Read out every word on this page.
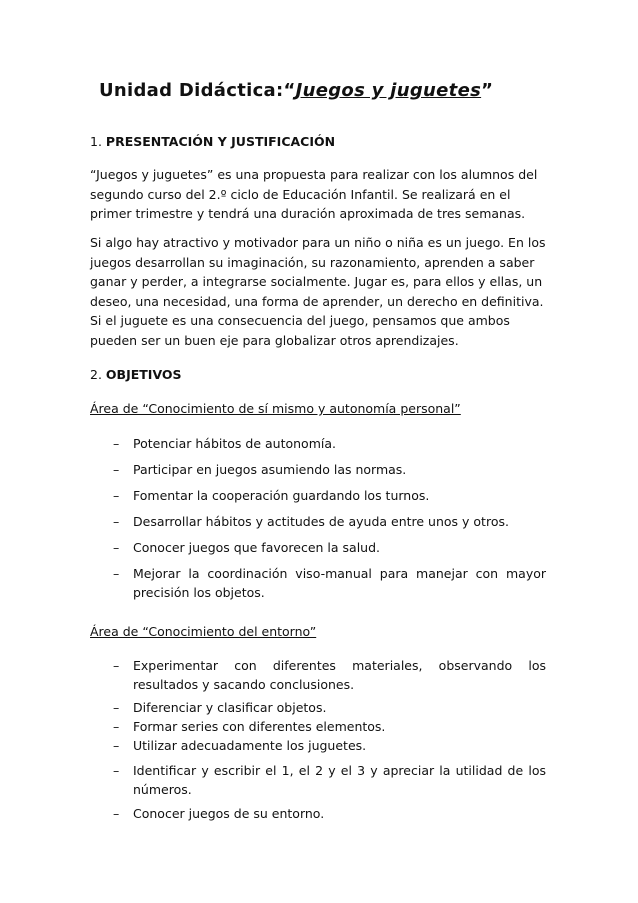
Unidad Didáctica:“Juegos y juguetes”
1. PRESENTACIÓN Y JUSTIFICACIÓN

“Juegos y juguetes” es una propuesta para realizar con los alumnos del segundo curso del 2.º ciclo de Educación Infantil. Se realizará en el primer trimestre y tendrá una duración aproximada de tres semanas.

Si algo hay atractivo y motivador para un niño o niña es un juego. En los juegos desarrollan su imaginación, su razonamiento, aprenden a saber ganar y perder, a integrarse socialmente. Jugar es, para ellos y ellas, un deseo, una necesidad, una forma de aprender, un derecho en definitiva. Si el juguete es una consecuencia del juego, pensamos que ambos pueden ser un buen eje para globalizar otros aprendizajes.

2. OBJETIVOS
Área de “Conocimiento de sí mismo y autonomía personal”
– Potenciar hábitos de autonomía.
– Participar en juegos asumiendo las normas.
– Fomentar la cooperación guardando los turnos.
– Desarrollar hábitos y actitudes de ayuda entre unos y otros.
– Conocer juegos que favorecen la salud.
– Mejorar la coordinación viso-manual para manejar con mayor precisión los objetos.
Área de “Conocimiento del entorno”
– Experimentar con diferentes materiales, observando los resultados y sacando conclusiones.
– Diferenciar y clasificar objetos.
– Formar series con diferentes elementos.
– Utilizar adecuadamente los juguetes.
– Identificar y escribir el 1, el 2 y el 3 y apreciar la utilidad de los números.
– Conocer juegos de su entorno.
